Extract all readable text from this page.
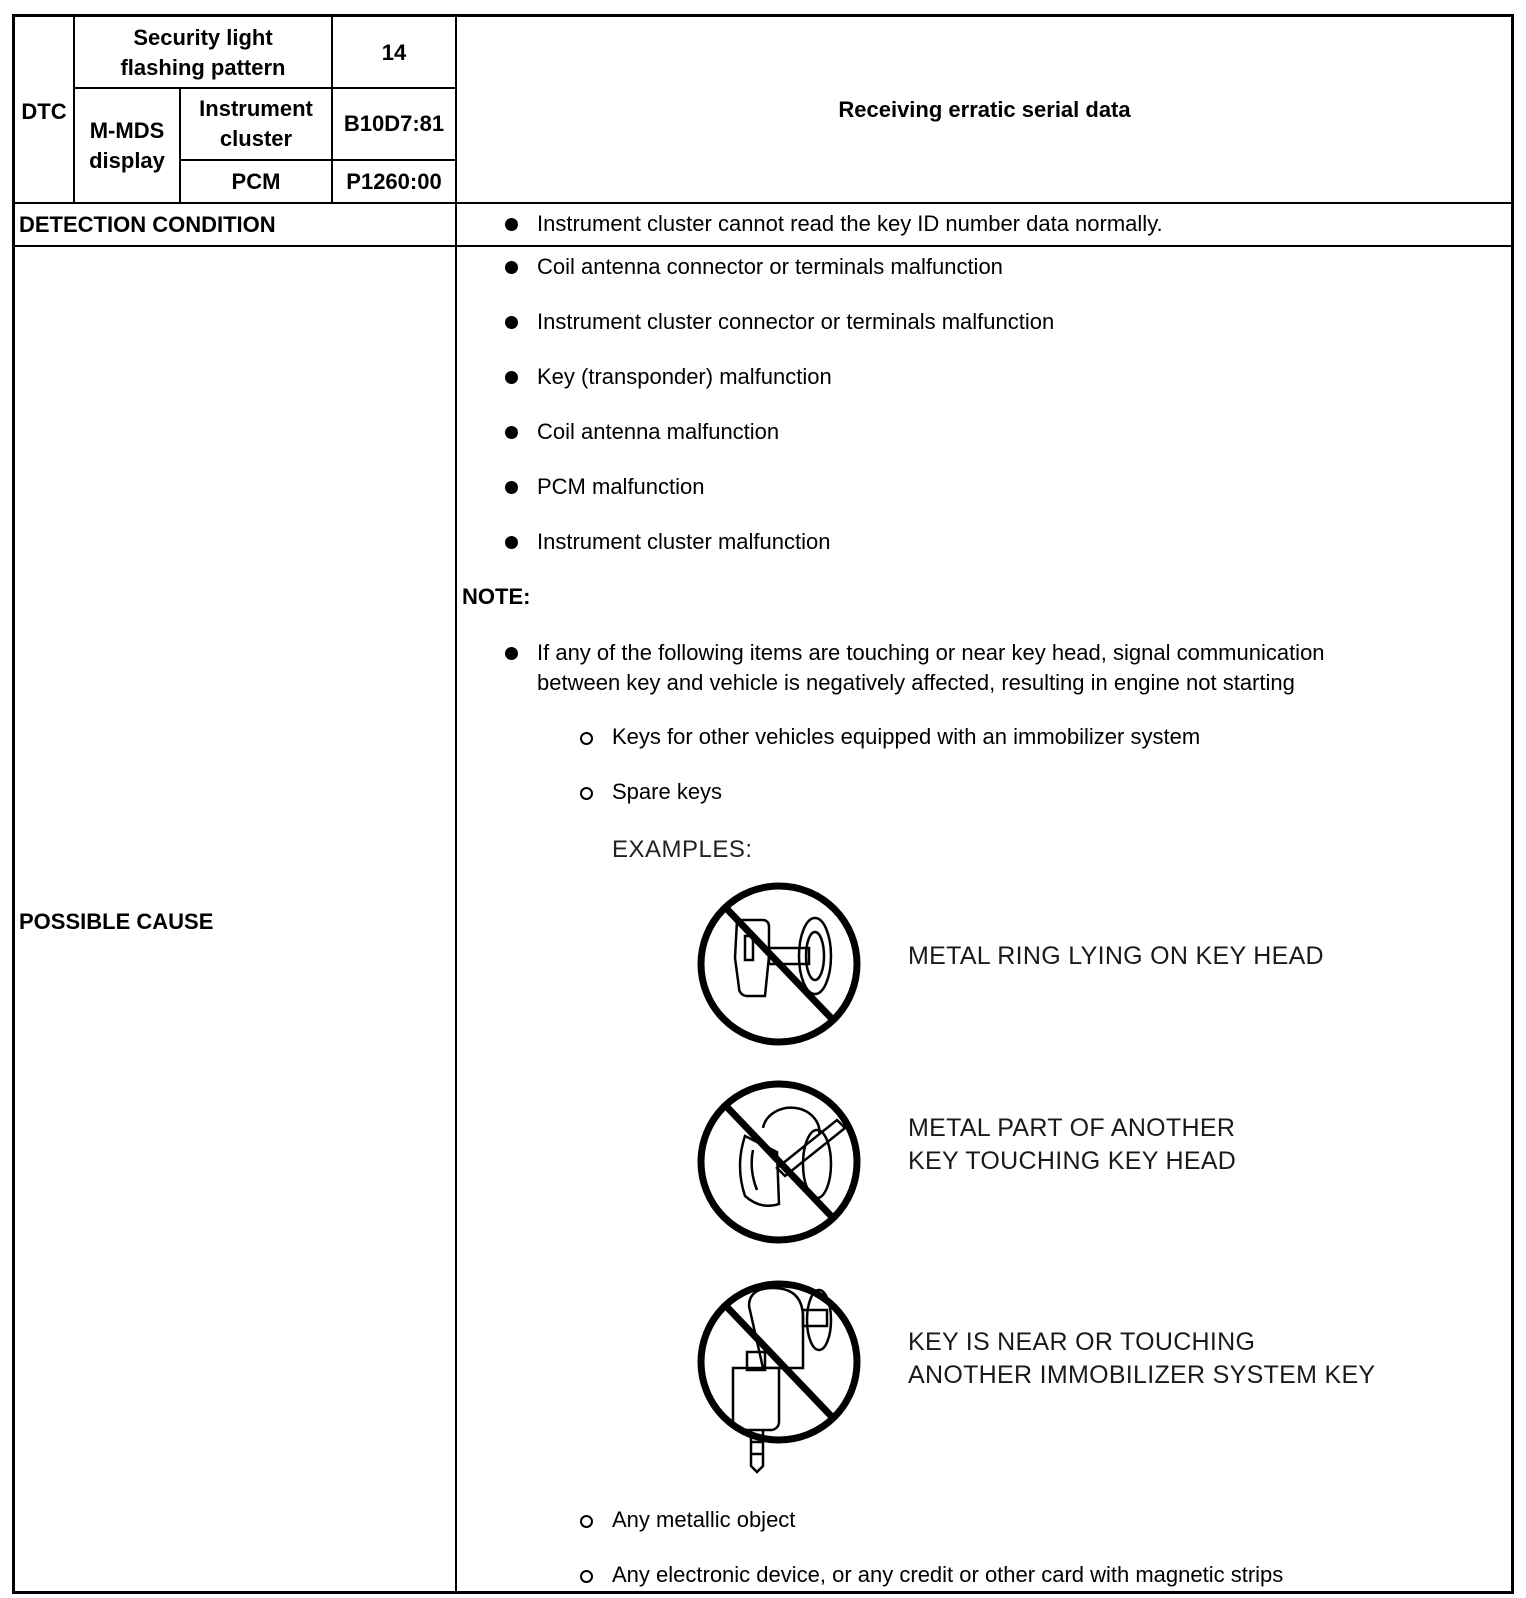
DTC
Security light flashing pattern
14
M-MDS display
Instrument cluster
B10D7:81
PCM	P1260:00
Receiving erratic serial data
DETECTION CONDITION	Instrument cluster cannot read the key ID number data normally.
POSSIBLE CAUSE
Coil antenna connector or terminals malfunction
Instrument cluster connector or terminals malfunction
Key (transponder) malfunction
Coil antenna malfunction
PCM malfunction
Instrument cluster malfunction
NOTE:
If any of the following items are touching or near key head, signal communication
between key and vehicle is negatively affected, resulting in engine not starting
Keys for other vehicles equipped with an immobilizer system
Spare keys
EXAMPLES:
METAL RING LYING ON KEY HEAD
METAL PART OF ANOTHER
KEY TOUCHING KEY HEAD
KEY IS NEAR OR TOUCHING
ANOTHER IMMOBILIZER SYSTEM KEY
Any metallic object
Any electronic device, or any credit or other card with magnetic strips
